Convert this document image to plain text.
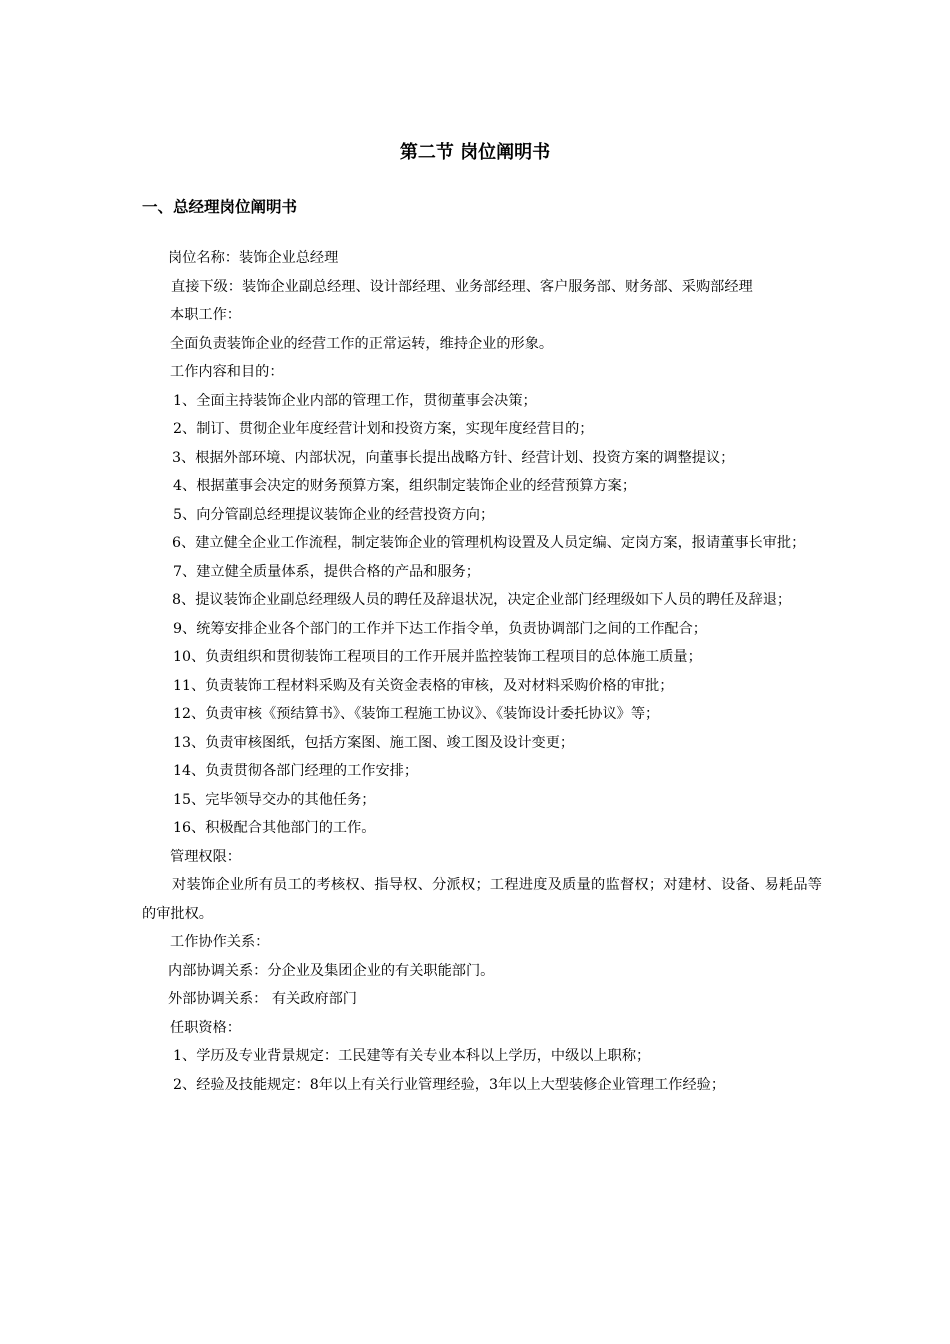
第二节 岗位阐明书
一、总经理岗位阐明书

岗位名称：装饰企业总经理

直接下级：装饰企业副总经理、设计部经理、业务部经理、客户服务部、财务部、采购部经理

本职工作：

全面负责装饰企业的经营工作的正常运转，维持企业的形象。

工作内容和目的：

1、全面主持装饰企业内部的管理工作，贯彻董事会决策；

2、制订、贯彻企业年度经营计划和投资方案，实现年度经营目的；

3、根据外部环境、内部状况，向董事长提出战略方针、经营计划、投资方案的调整提议；

4、根据董事会决定的财务预算方案，组织制定装饰企业的经营预算方案；

5、向分管副总经理提议装饰企业的经营投资方向；

6、建立健全企业工作流程，制定装饰企业的管理机构设置及人员定编、定岗方案，报请董事长审批；

7、建立健全质量体系，提供合格的产品和服务；

8、提议装饰企业副总经理级人员的聘任及辞退状况，决定企业部门经理级如下人员的聘任及辞退；

9、统筹安排企业各个部门的工作并下达工作指令单，负责协调部门之间的工作配合；

10、负责组织和贯彻装饰工程项目的工作开展并监控装饰工程项目的总体施工质量；

11、负责装饰工程材料采购及有关资金表格的审核，及对材料采购价格的审批；

12、负责审核《预结算书》、《装饰工程施工协议》、《装饰设计委托协议》等；

13、负责审核图纸，包括方案图、施工图、竣工图及设计变更；

14、负责贯彻各部门经理的工作安排；

15、完毕领导交办的其他任务；

16、积极配合其他部门的工作。

管理权限：

对装饰企业所有员工的考核权、指导权、分派权；工程进度及质量的监督权；对建材、设备、易耗品等的审批权。

工作协作关系：

内部协调关系：分企业及集团企业的有关职能部门。

外部协调关系： 有关政府部门

任职资格：

1、学历及专业背景规定：工民建等有关专业本科以上学历，中级以上职称；

2、经验及技能规定：8年以上有关行业管理经验，3年以上大型装修企业管理工作经验；
